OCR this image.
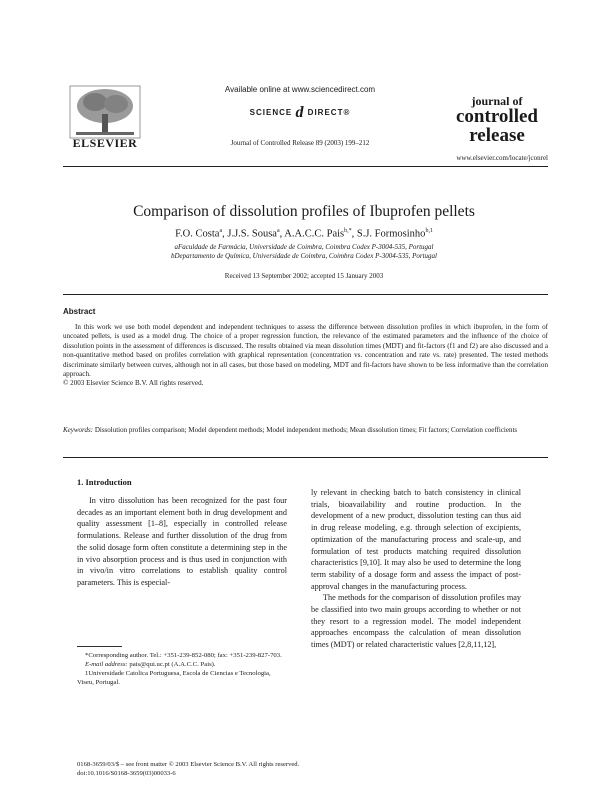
ELSEVIER
Available online at www.sciencedirect.com
SCIENCE d DIRECT®
Journal of Controlled Release 89 (2003) 199–212
journal of
controlled
release
www.elsevier.com/locate/jconrel
Comparison of dissolution profiles of Ibuprofen pellets
F.O. Costa$^a$, J.J.S. Sousa$^a$, A.A.C.C. Pais$^{b,*}$, S.J. Formosinho$^{b,1}$
aFaculdade de Farmácia, Universidade de Coimbra, Coimbra Codex P-3004-535, Portugal
bDepartamento de Química, Universidade de Coimbra, Coimbra Codex P-3004-535, Portugal
Received 13 September 2002; accepted 15 January 2003
Abstract

In this work we use both model dependent and independent techniques to assess the difference between dissolution profiles in which ibuprofen, in the form of uncoated pellets, is used as a model drug. The choice of a proper regression function, the relevance of the estimated parameters and the influence of the choice of dissolution points in the assessment of differences is discussed. The results obtained via mean dissolution times (MDT) and fit-factors (f1 and f2) are also discussed and a non-quantitative method based on profiles correlation with graphical representation (concentration vs. concentration and rate vs. rate) presented. The tested methods discriminate similarly between curves, although not in all cases, but those based on modeling, MDT and fit-factors have shown to be less informative than the correlation approach.

© 2003 Elsevier Science B.V. All rights reserved.

Keywords: Dissolution profiles comparison; Model dependent methods; Model independent methods; Mean dissolution times; Fit factors; Correlation coefficients
1. Introduction

In vitro dissolution has been recognized for the past four decades as an important element both in drug development and quality assessment [1–8], especially in controlled release formulations. Release and further dissolution of the drug from the solid dosage form often constitute a determining step in the in vivo absorption process and is thus used in conjunction with in vivo/in vitro correlations to establish quality control parameters. This is especial-

ly relevant in checking batch to batch consistency in clinical trials, bioavailability and routine production. In the development of a new product, dissolution testing can thus aid in drug release modeling, e.g. through selection of excipients, optimization of the manufacturing process and scale-up, and formulation of test products matching required dissolution characteristics [9,10]. It may also be used to determine the long term stability of a dosage form and assess the impact of post-approval changes in the manufacturing process.

The methods for the comparison of dissolution profiles may be classified into two main groups according to whether or not they resort to a regression model. The model independent approaches encompass the calculation of mean dissolution times (MDT) or related characteristic values [2,8,11,12],

*Corresponding author. Tel.: +351-239-852-080; fax: +351-239-827-703.
E-mail address: pais@qui.uc.pt (A.A.C.C. Pais).
1Universidade Catolica Portuguesa, Escola de Ciencias e Tecnologia, Viseu, Portugal.
0168-3659/03/$ – see front matter © 2003 Elsevier Science B.V. All rights reserved.
doi:10.1016/S0168-3659(03)00033-6
